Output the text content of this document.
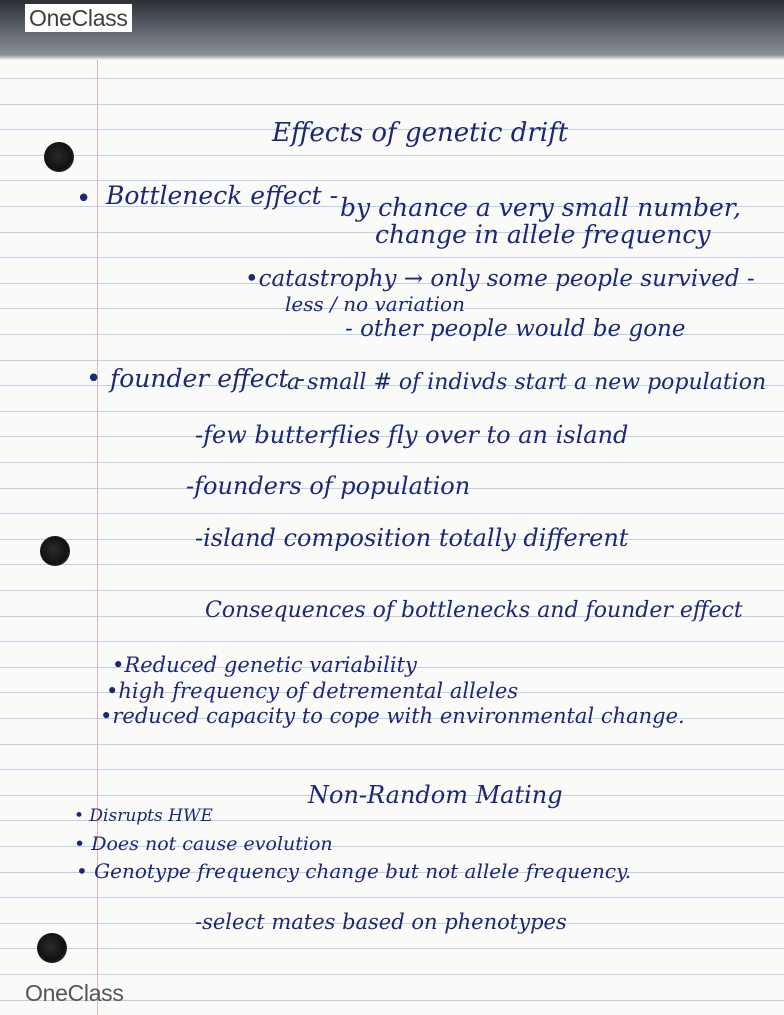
OneClass
Effects of genetic drift
• Bottleneck effect - by chance a very small number,
change in allele frequency
•catastrophy → only some people survived -
less / no variation
- other people would be gone
• founder effect -
a small # of indivds start a new population
-few butterflies fly over to an island
-founders of population
-island composition totally different
Consequences of bottlenecks and founder effect
•Reduced genetic variability
•high frequency of detremental alleles
•reduced capacity to cope with environmental change.
Non-Random Mating
• Disrupts HWE
• Does not cause evolution
• Genotype frequency change but not allele frequency.
-select mates based on phenotypes
OneClass
